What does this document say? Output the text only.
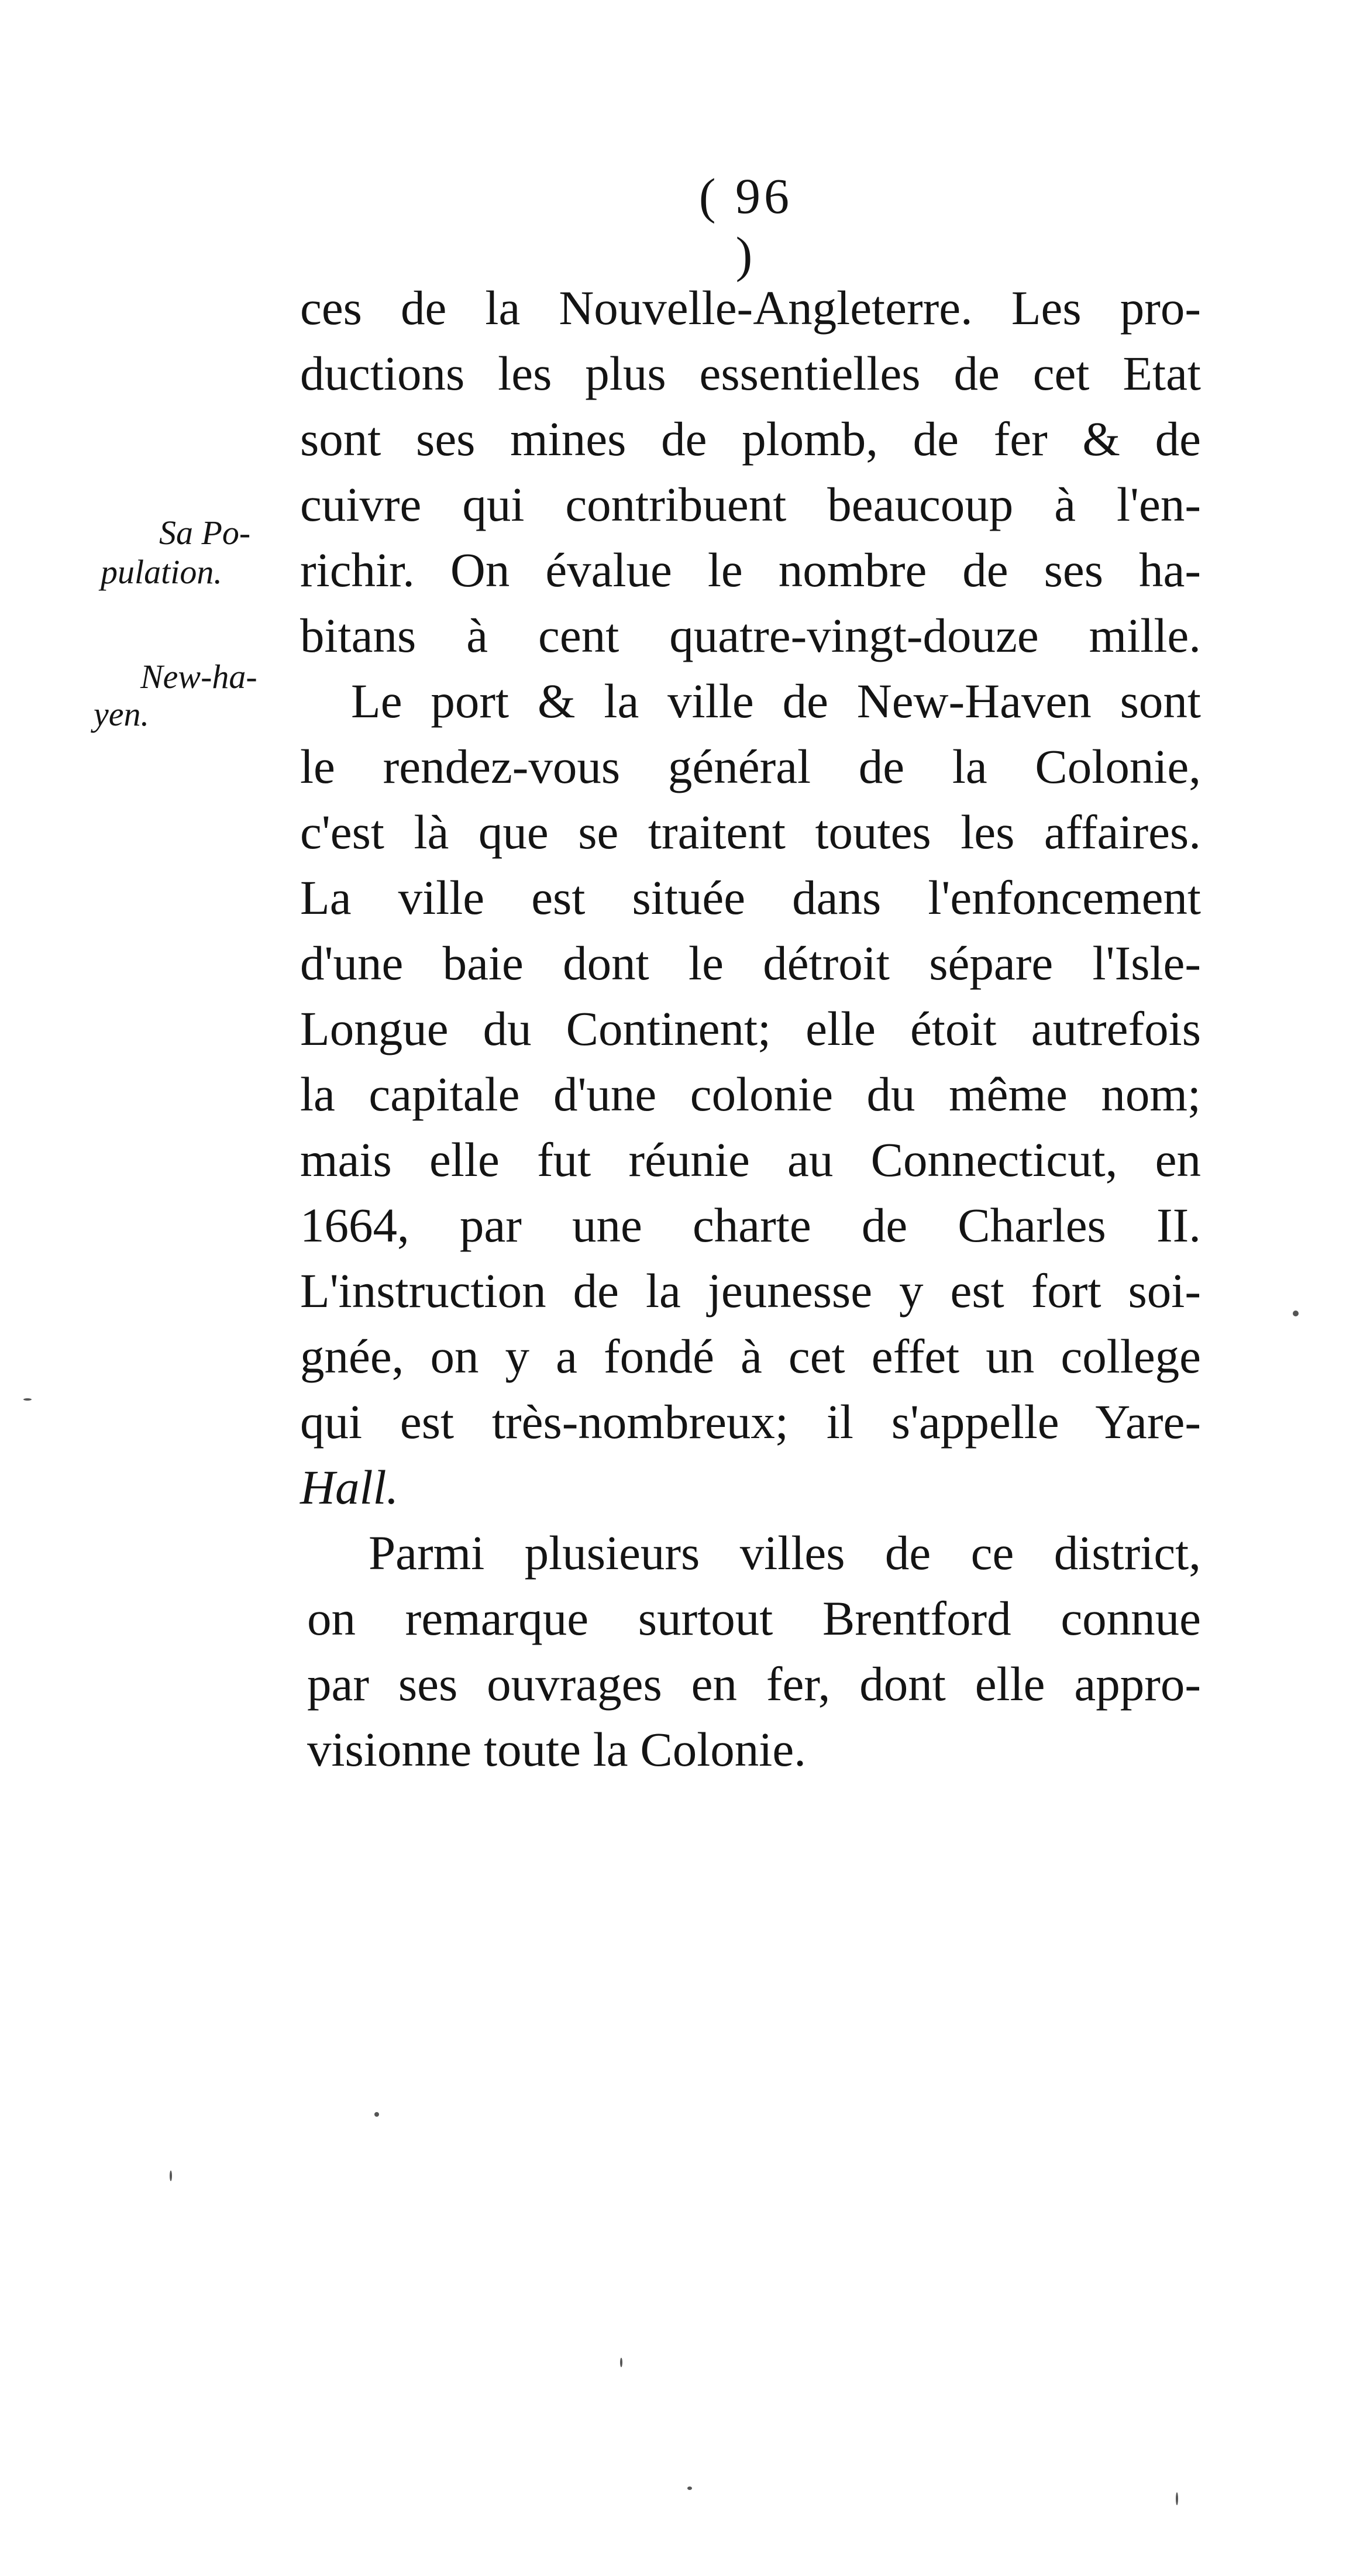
( 96 )
Sa Po-
pulation.
New-ha-
yen.
ces de la Nouvelle-Angleterre. Les pro-
ductions les plus essentielles de cet Etat
sont ses mines de plomb, de fer & de
cuivre qui contribuent beaucoup à l'en-
richir. On évalue le nombre de ses ha-
bitans à cent quatre-vingt-douze mille.
Le port & la ville de New-Haven sont
le rendez-vous général de la Colonie,
c'est là que se traitent toutes les affaires.
La ville est située dans l'enfoncement
d'une baie dont le détroit sépare l'Isle-
Longue du Continent; elle étoit autrefois
la capitale d'une colonie du même nom;
mais elle fut réunie au Connecticut, en
1664, par une charte de Charles II.
L'instruction de la jeunesse y est fort soi-
gnée, on y a fondé à cet effet un college
qui est très-nombreux; il s'appelle Yare-
Hall.
Parmi plusieurs villes de ce district,
on remarque surtout Brentford connue
par ses ouvrages en fer, dont elle appro-
visionne toute la Colonie.
